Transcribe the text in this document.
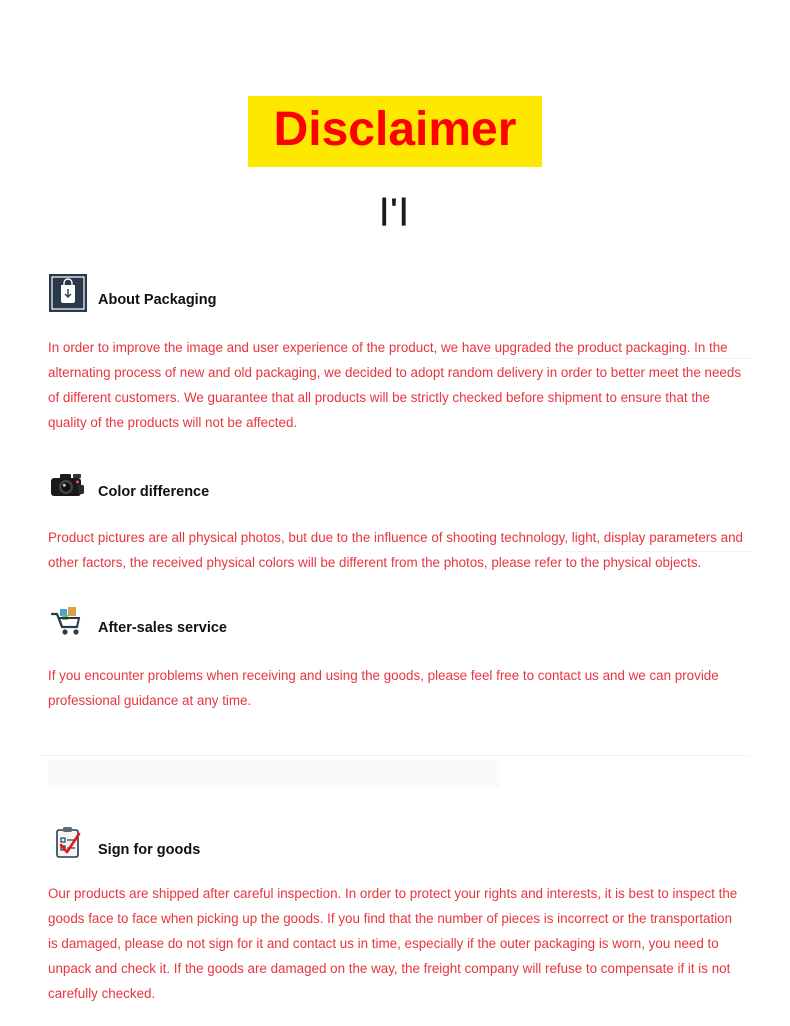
Disclaimer
|'|
About Packaging

In order to improve the image and user experience of the product, we have upgraded the product packaging. In the alternating process of new and old packaging, we decided to adopt random delivery in order to better meet the needs of different customers. We guarantee that all products will be strictly checked before shipment to ensure that the quality of the products will not be affected.

Color difference

Product pictures are all physical photos, but due to the influence of shooting technology, light, display parameters and other factors, the received physical colors will be different from the photos, please refer to the physical objects.

After-sales service

If you encounter problems when receiving and using the goods, please feel free to contact us and we can provide professional guidance at any time.

Sign for goods

Our products are shipped after careful inspection. In order to protect your rights and interests, it is best to inspect the goods face to face when picking up the goods. If you find that the number of pieces is incorrect or the transportation is damaged, please do not sign for it and contact us in time, especially if the outer packaging is worn, you need to unpack and check it. If the goods are damaged on the way, the freight company will refuse to compensate if it is not carefully checked.
